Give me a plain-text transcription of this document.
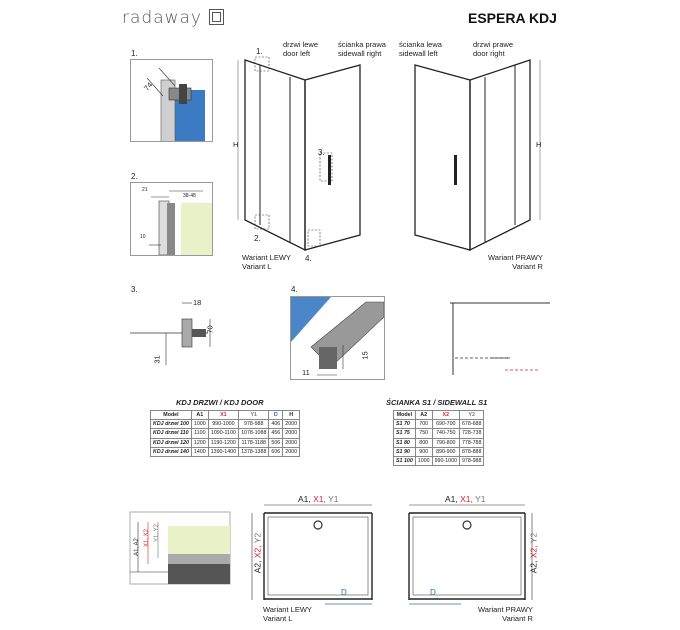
radaway	ESPERA KDJ
1.
74
2.
21
38-48
10
3.
18
70
31
4.
11
15
1.
2.
3.
4.
H
drzwi lewe
door left
ścianka prawa
sidewall right
Wariant LEWY
Variant L
ścianka lewa
sidewall left
drzwi prawe
door right
H
Wariant PRAWY
Variant R
KDJ DRZWI / KDJ DOOR
Model	A1	X1	Y1	D	H
KDJ drzwi 100	1000	990-1000	978-988	406	2000
KDJ drzwi 110	1100	1090-1100	1078-1088	456	2000
KDJ drzwi 120	1200	1190-1200	1178-1188	506	2000
KDJ drzwi 140	1400	1390-1400	1378-1388	606	2000
ŚCIANKA S1 / SIDEWALL S1
Model	A2	X2	Y2
S1 70	700	690-700	678-688
S1 75	750	740-750	728-738
S1 80	800	790-800	778-788
S1 90	900	890-900	878-888
S1 100	1000	990-1000	978-988
A1, A2 X1, X2 Y1, Y2
A1, X1, Y1
D
A2, X2, Y2
Wariant LEWY
Variant L
A1, X1, Y1
D
A2, X2, Y2
Wariant PRAWY
Variant R
